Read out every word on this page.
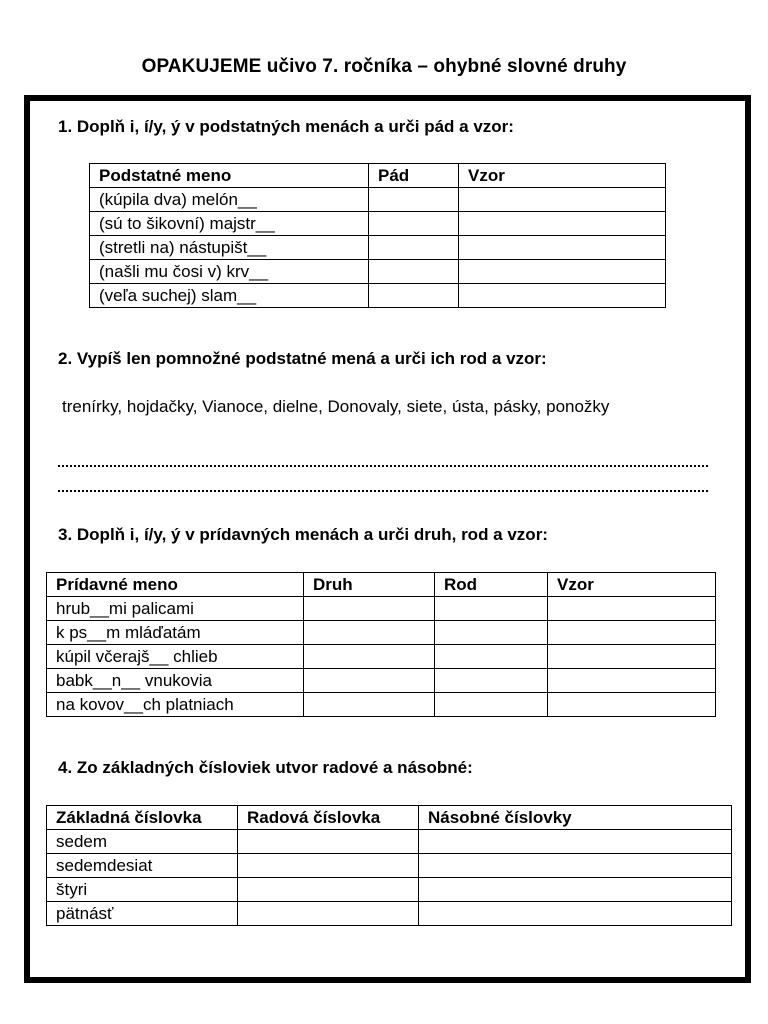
OPAKUJEME učivo 7. ročníka – ohybné slovné druhy
1. Doplň i, í/y, ý v podstatných menách a urči pád a vzor:
Podstatné meno	Pád	Vzor
(kúpila dva) melón__		
(sú to šikovní) majstr__		
(stretli na) nástupišt__		
(našli mu čosi v) krv__		
(veľa suchej) slam__		
2. Vypíš len pomnožné podstatné mená a urči ich rod a vzor:
trenírky, hojdačky, Vianoce, dielne, Donovaly, siete, ústa, pásky, ponožky
3. Doplň i, í/y, ý v prídavných menách a urči druh, rod a vzor:
Prídavné meno	Druh	Rod	Vzor
hrub__mi palicami			
k ps__m mláďatám			
kúpil včerajš__ chlieb			
babk__n__ vnukovia			
na kovov__ch platniach			
4. Zo základných čísloviek utvor radové a násobné:
Základná číslovka	Radová číslovka	Násobné číslovky
sedem		
sedemdesiat		
štyri		
pätnásť		
